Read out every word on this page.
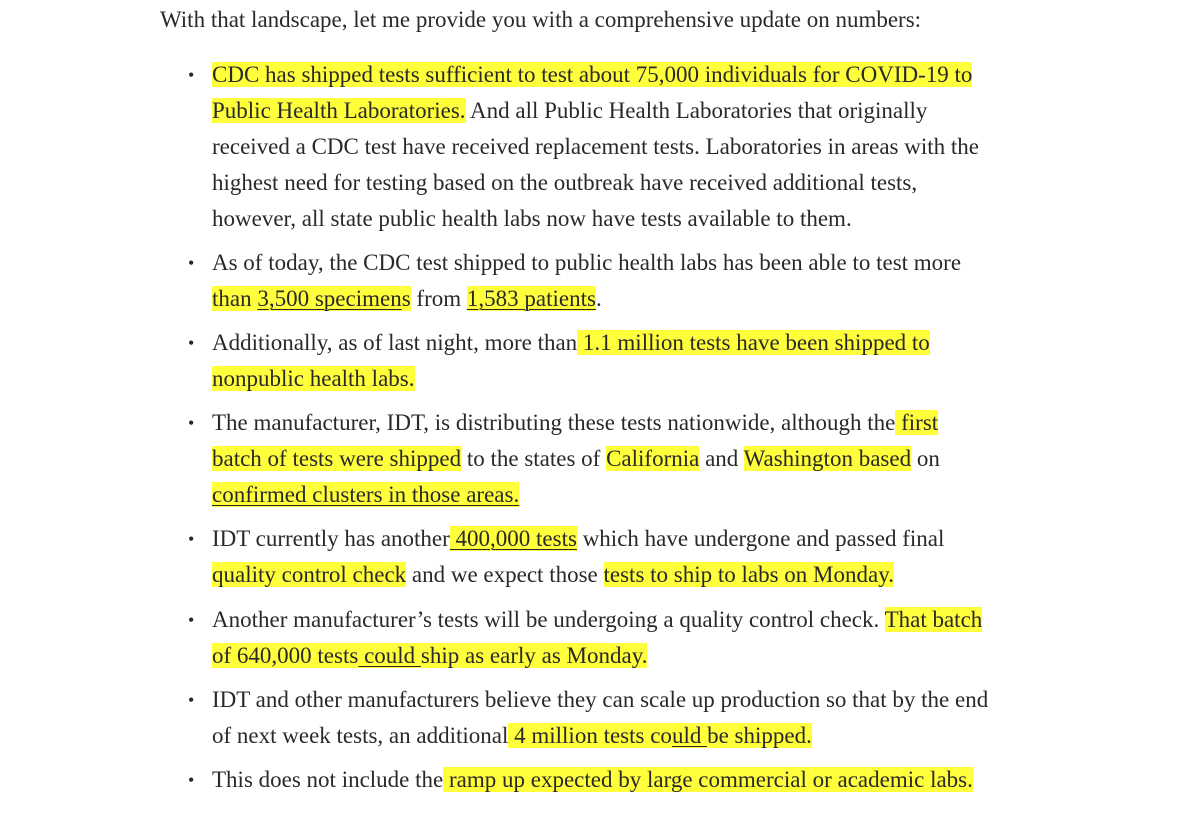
With that landscape, let me provide you with a comprehensive update on numbers:

• CDC has shipped tests sufficient to test about 75,000 individuals for COVID-19 to
Public Health Laboratories. And all Public Health Laboratories that originally
received a CDC test have received replacement tests. Laboratories in areas with the
highest need for testing based on the outbreak have received additional tests,
however, all state public health labs now have tests available to them.
• As of today, the CDC test shipped to public health labs has been able to test more
than 3,500 specimens from 1,583 patients.
• Additionally, as of last night, more than 1.1 million tests have been shipped to
nonpublic health labs.
• The manufacturer, IDT, is distributing these tests nationwide, although the first
batch of tests were shipped to the states of California and Washington based on
confirmed clusters in those areas.
• IDT currently has another 400,000 tests which have undergone and passed final
quality control check and we expect those tests to ship to labs on Monday.
• Another manufacturer’s tests will be undergoing a quality control check. That batch
of 640,000 tests could ship as early as Monday.
• IDT and other manufacturers believe they can scale up production so that by the end
of next week tests, an additional 4 million tests could be shipped.
• This does not include the ramp up expected by large commercial or academic labs.
